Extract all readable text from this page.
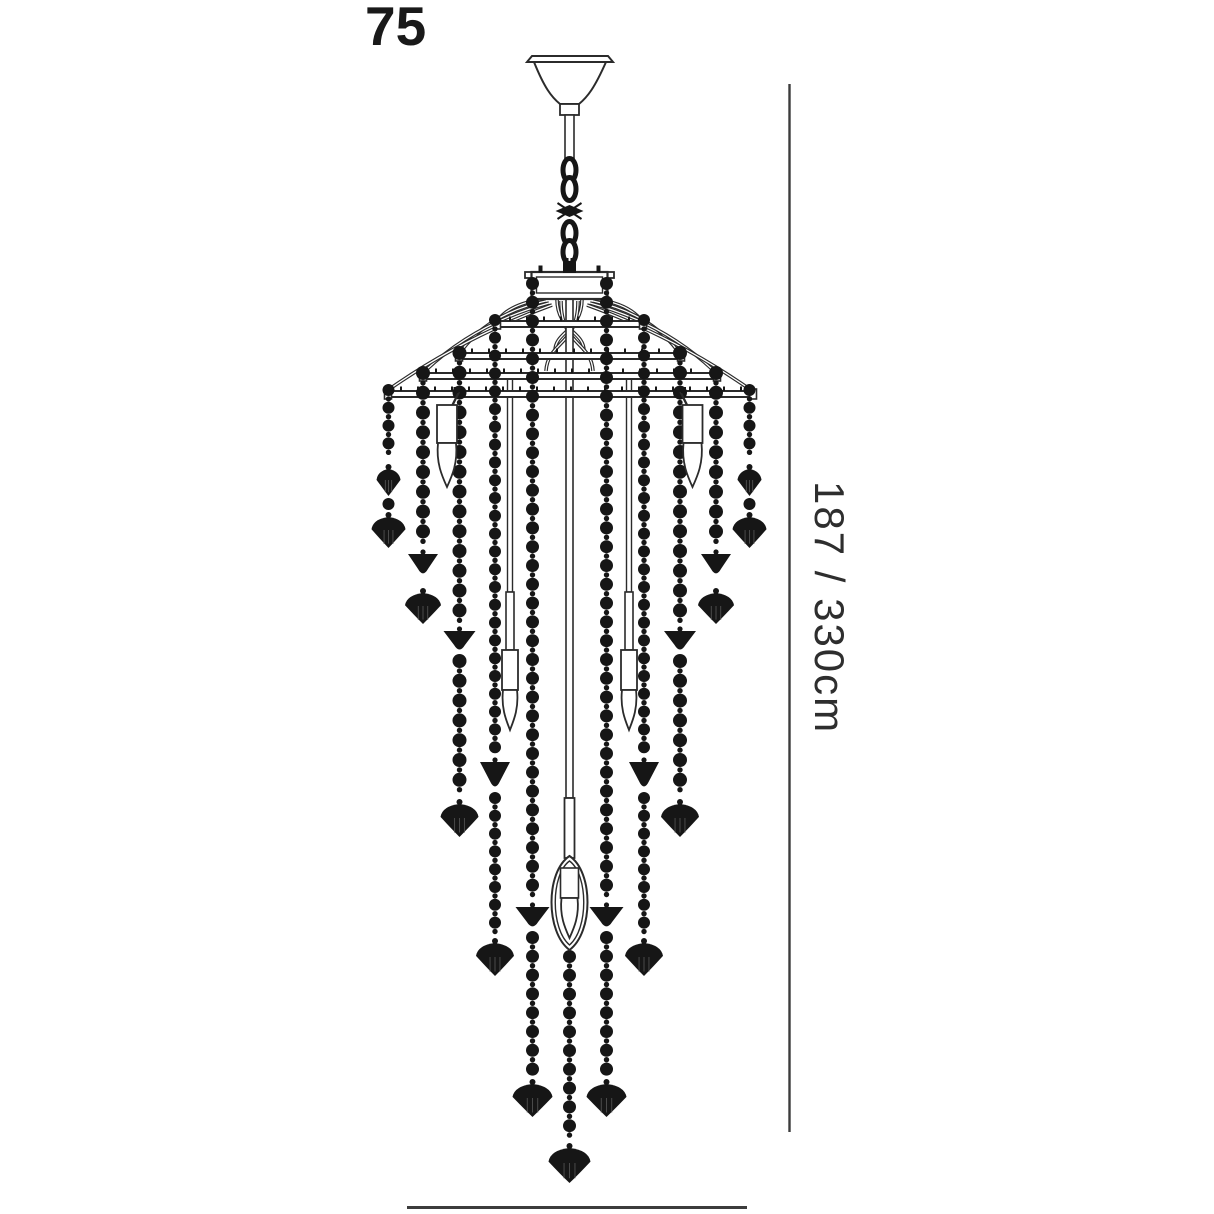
75
187 / 330cm
